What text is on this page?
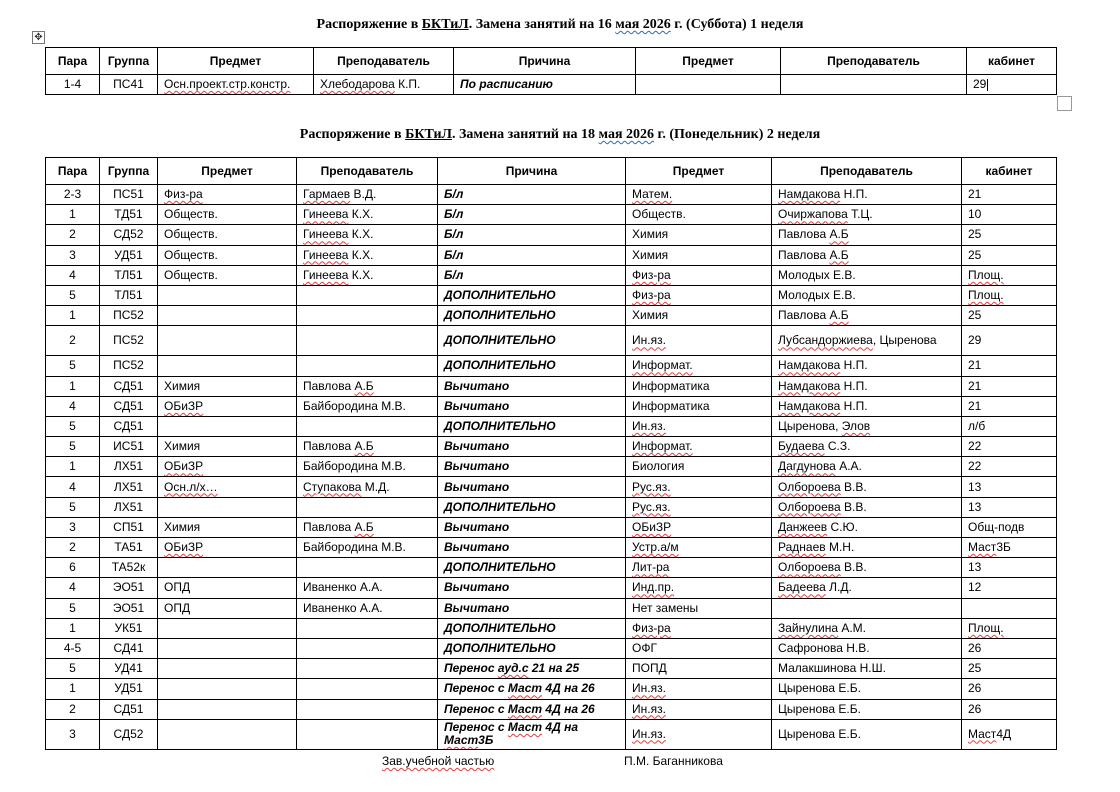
Распоряжение в БКТиЛ. Замена занятий на 16 мая 2026 г. (Суббота) 1 неделя
✥
Пара	Группа	Предмет	Преподаватель	Причина	Предмет	Преподаватель	кабинет
1-4	ПС41	Осн.проект.стр.констр.	Хлебодарова К.П.	По расписанию			29
Распоряжение в БКТиЛ. Замена занятий на 18 мая 2026 г. (Понедельник) 2 неделя
Пара	Группа	Предмет	Преподаватель	Причина	Предмет	Преподаватель	кабинет
2-3	ПС51	Физ-ра	Гармаев В.Д.	Б/л	Матем.	Намдакова Н.П.	21
1	ТД51	Обществ.	Гинеева К.Х.	Б/л	Обществ.	Очиржапова Т.Ц.	10
2	СД52	Обществ.	Гинеева К.Х.	Б/л	Химия	Павлова А.Б	25
3	УД51	Обществ.	Гинеева К.Х.	Б/л	Химия	Павлова А.Б	25
4	ТЛ51	Обществ.	Гинеева К.Х.	Б/л	Физ-ра	Молодых Е.В.	Площ.
5	ТЛ51			ДОПОЛНИТЕЛЬНО	Физ-ра	Молодых Е.В.	Площ.
1	ПС52			ДОПОЛНИТЕЛЬНО	Химия	Павлова А.Б	25
2	ПС52			ДОПОЛНИТЕЛЬНО	Ин.яз.	Лубсандоржиева, Цыренова	29
5	ПС52			ДОПОЛНИТЕЛЬНО	Информат.	Намдакова Н.П.	21
1	СД51	Химия	Павлова А.Б	Вычитано	Информатика	Намдакова Н.П.	21
4	СД51	ОБиЗР	Байбородина М.В.	Вычитано	Информатика	Намдакова Н.П.	21
5	СД51			ДОПОЛНИТЕЛЬНО	Ин.яз.	Цыренова, Элов	л/б
5	ИС51	Химия	Павлова А.Б	Вычитано	Информат.	Будаева С.З.	22
1	ЛХ51	ОБиЗР	Байбородина М.В.	Вычитано	Биология	Дагдунова А.А.	22
4	ЛХ51	Осн.л/х…	Ступакова М.Д.	Вычитано	Рус.яз.	Олбороева В.В.	13
5	ЛХ51			ДОПОЛНИТЕЛЬНО	Рус.яз.	Олбороева В.В.	13
3	СП51	Химия	Павлова А.Б	Вычитано	ОБиЗР	Данжеев С.Ю.	Общ-подв
2	ТА51	ОБиЗР	Байбородина М.В.	Вычитано	Устр.а/м	Раднаев М.Н.	Маст3Б
6	ТА52к			ДОПОЛНИТЕЛЬНО	Лит-ра	Олбороева В.В.	13
4	ЭО51	ОПД	Иваненко А.А.	Вычитано	Инд.пр.	Бадеева Л.Д.	12
5	ЭО51	ОПД	Иваненко А.А.	Вычитано	Нет замены		
1	УК51			ДОПОЛНИТЕЛЬНО	Физ-ра	Зайнулина А.М.	Площ.
4-5	СД41			ДОПОЛНИТЕЛЬНО	ОФГ	Сафронова Н.В.	26
5	УД41			Перенос ауд.с 21 на 25	ПОПД	Малакшинова Н.Ш.	25
1	УД51			Перенос с Маст 4Д на 26	Ин.яз.	Цыренова Е.Б.	26
2	СД51			Перенос с Маст 4Д на 26	Ин.яз.	Цыренова Е.Б.	26
3	СД52			Перенос с Маст 4Д на Маст3Б	Ин.яз.	Цыренова Е.Б.	Маст4Д
Зав.учебной частью	П.М. Баганникова
